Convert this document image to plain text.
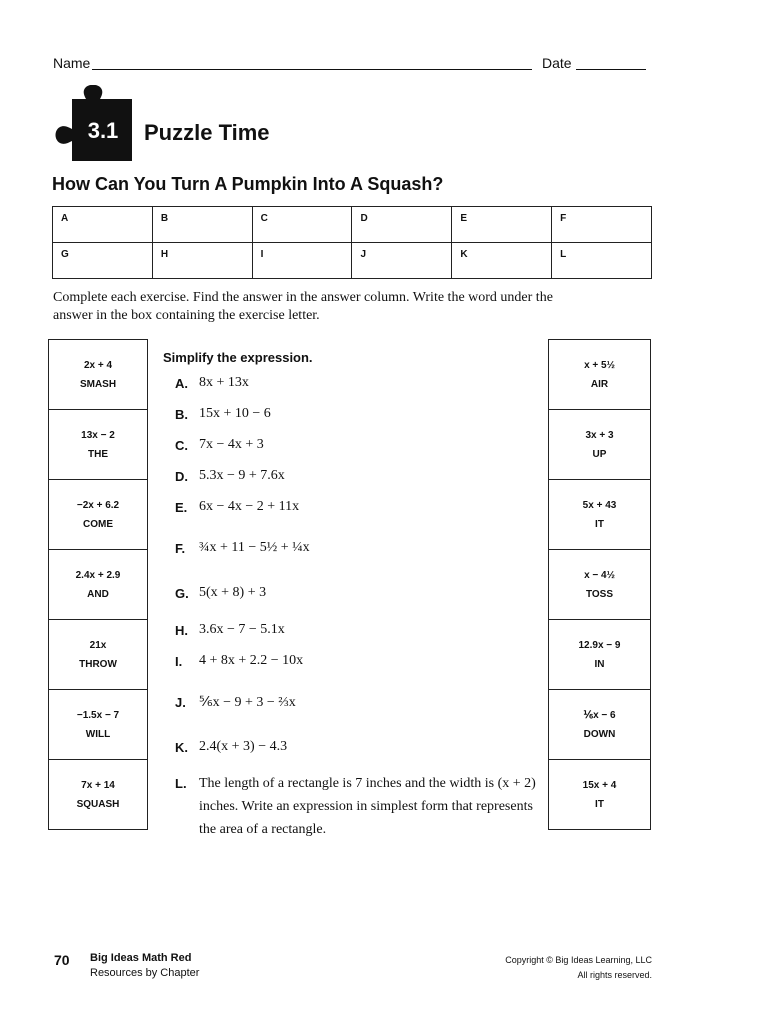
Name	Date
3.1	Puzzle Time
How Can You Turn A Pumpkin Into A Squash?
A	B	C	D	E	F
G	H	I	J	K	L
Complete each exercise. Find the answer in the answer column. Write the word under the answer in the box containing the exercise letter.
2x + 4
SMASH
13x − 2
THE
−2x + 6.2
COME
2.4x + 2.9
AND
21x
THROW
−1.5x − 7
WILL
7x + 14
SQUASH
x + 5½
AIR
3x + 3
UP
5x + 43
IT
x − 4½
TOSS
12.9x − 9
IN
⅙x − 6
DOWN
15x + 4
IT
Simplify the expression.
A. 8x + 13x
B. 15x + 10 − 6
C. 7x − 4x + 3
D. 5.3x − 9 + 7.6x
E. 6x − 4x − 2 + 11x
F. ¾x + 11 − 5½ + ¼x
G. 5(x + 8) + 3
H. 3.6x − 7 − 5.1x
I.	4 + 8x + 2.2 − 10x
J. ⅚x − 9 + 3 − ⅔x
K. 2.4(x + 3) − 4.3
L. The length of a rectangle is 7 inches and the width is (x + 2) inches. Write an expression in simplest form that represents the area of a rectangle.
70 Big Ideas Math Red
Resources by Chapter
Copyright © Big Ideas Learning, LLC
All rights reserved.
